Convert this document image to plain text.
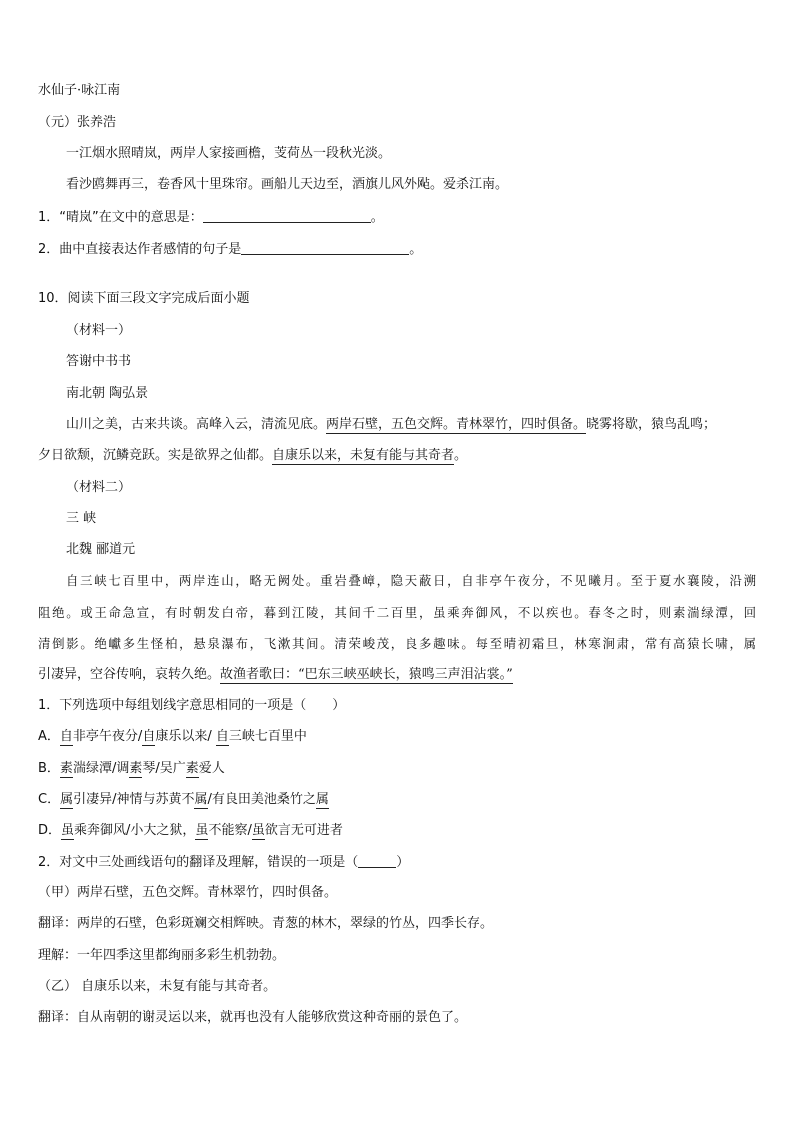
水仙子·咏江南
（元）张养浩
一江烟水照晴岚，两岸人家接画檐，芰荷丛一段秋光淡。
看沙鸥舞再三，卷香风十里珠帘。画船儿天边至，酒旗儿风外飐。爱杀江南。
1．“晴岚”在文中的意思是：	。
2．曲中直接表达作者感情的句子是	。
10．阅读下面三段文字完成后面小题
（材料一）
答谢中书书
南北朝 陶弘景
山川之美，古来共谈。高峰入云，清流见底。两岸石壁，五色交辉。青林翠竹，四时俱备。晓雾将歇，猿鸟乱鸣；
夕日欲颓，沉鳞竞跃。实是欲界之仙都。自康乐以来，未复有能与其奇者。
（材料二）
三 峡
北魏 郦道元
自三峡七百里中，两岸连山，略无阙处。重岩叠嶂，隐天蔽日，自非亭午夜分，不见曦月。至于夏水襄陵，沿溯
阻绝。或王命急宣，有时朝发白帝，暮到江陵，其间千二百里，虽乘奔御风，不以疾也。春冬之时，则素湍绿潭，回
清倒影。绝巘多生怪柏，悬泉瀑布，飞漱其间。清荣峻茂，良多趣味。每至晴初霜旦，林寒涧肃，常有高猿长啸，属
引凄异，空谷传响，哀转久绝。故渔者歌曰：“巴东三峡巫峡长，猿鸣三声泪沾裳。”
1．下列选项中每组划线字意思相同的一项是（　　）
A．自非亭午夜分/自康乐以来/ 自三峡七百里中
B．素湍绿潭/调素琴/吴广素爱人
C．属引凄异/神情与苏黄不属/有良田美池桑竹之属
D．虽乘奔御风/小大之狱，虽不能察/虽欲言无可进者
2．对文中三处画线语句的翻译及理解，错误的一项是（	）
（甲）两岸石壁，五色交辉。青林翠竹，四时俱备。
翻译：两岸的石壁，色彩斑斓交相辉映。青葱的林木，翠绿的竹丛，四季长存。
理解：一年四季这里都绚丽多彩生机勃勃。
（乙） 自康乐以来，未复有能与其奇者。
翻译：自从南朝的谢灵运以来，就再也没有人能够欣赏这种奇丽的景色了。
